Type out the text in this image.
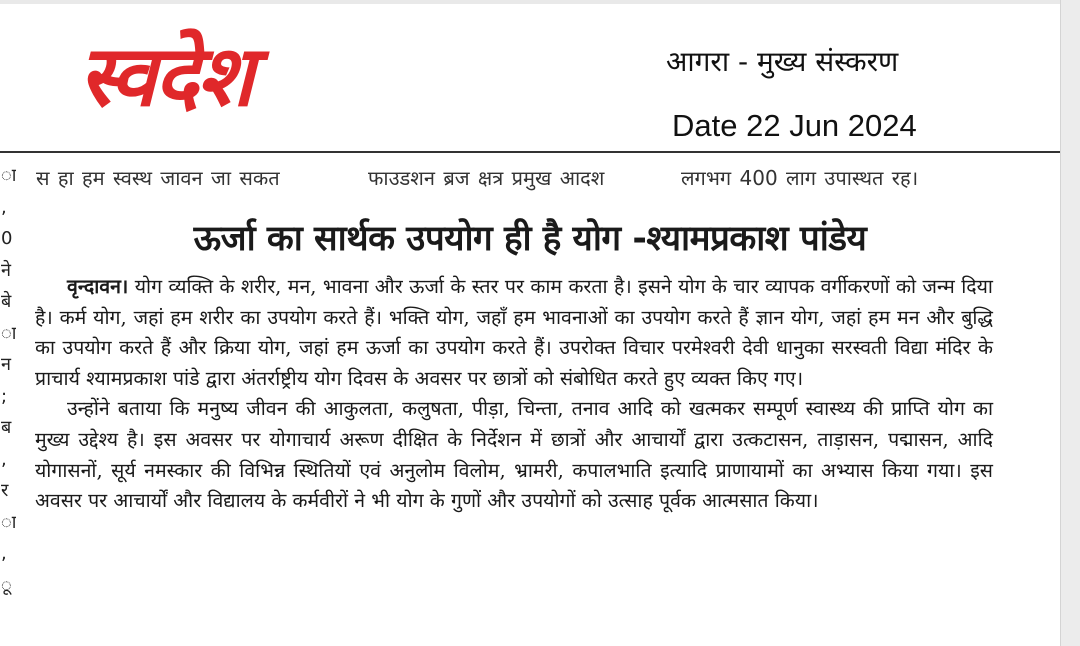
स्वदेश	आगरा - मुख्य संस्करण
Date 22 Jun 2024
स हा हम स्वस्थ जावन जा सकत	फाउडशन ब्रज क्षत्र प्रमुख आदश	लगभग 400 लाग उपास्थत रह।
ा
,
0
ने
बे
ा
न
;
ब
,
र
ा
,
ू
ऊर्जा का सार्थक उपयोग ही है योग -श्यामप्रकाश पांडेय

वृन्दावन। योग व्यक्ति के शरीर, मन, भावना और ऊर्जा के स्तर पर काम करता है। इसने योग के चार व्यापक वर्गीकरणों को जन्म दिया है। कर्म योग, जहां हम शरीर का उपयोग करते हैं। भक्ति योग, जहाँ हम भावनाओं का उपयोग करते हैं ज्ञान योग, जहां हम मन और बुद्धि का उपयोग करते हैं और क्रिया योग, जहां हम ऊर्जा का उपयोग करते हैं। उपरोक्त विचार परमेश्वरी देवी धानुका सरस्वती विद्या मंदिर के प्राचार्य श्यामप्रकाश पांडे द्वारा अंतर्राष्ट्रीय योग दिवस के अवसर पर छात्रों को संबोधित करते हुए व्यक्त किए गए।

उन्होंने बताया कि मनुष्य जीवन की आकुलता, कलुषता, पीड़ा, चिन्ता, तनाव आदि को खत्मकर सम्पूर्ण स्वास्थ्य की प्राप्ति योग का मुख्य उद्देश्य है। इस अवसर पर योगाचार्य अरूण दीक्षित के निर्देशन में छात्रों और आचार्यों द्वारा उत्कटासन, ताड़ासन, पद्मासन, आदि योगासनों, सूर्य नमस्कार की विभिन्न स्थितियों एवं अनुलोम विलोम, भ्रामरी, कपालभाति इत्यादि प्राणायामों का अभ्यास किया गया। इस अवसर पर आचार्यों और विद्यालय के कर्मवीरों ने भी योग के गुणों और उपयोगों को उत्साह पूर्वक आत्मसात किया।
